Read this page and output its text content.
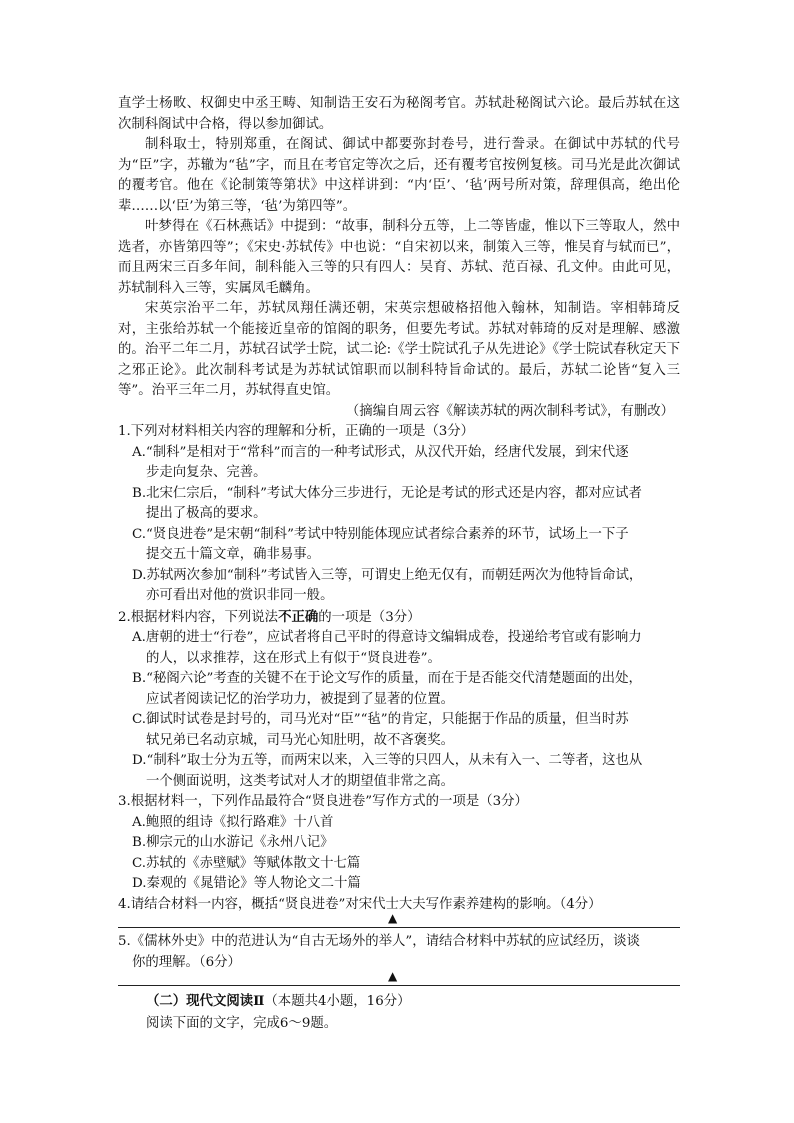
直学士杨畋、权御史中丞王畴、知制诰王安石为秘阁考官。苏轼赴秘阁试六论。最后苏轼在这次制科阁试中合格，得以参加御试。

制科取士，特别郑重，在阁试、御试中都要弥封卷号，进行誊录。在御试中苏轼的代号为“臣”字，苏辙为“毡”字，而且在考官定等次之后，还有覆考官按例复核。司马光是此次御试的覆考官。他在《论制策等第状》中这样讲到：“内‘臣’、‘毡’两号所对策，辞理俱高，绝出伦辈……以‘臣’为第三等，‘毡’为第四等”。

叶梦得在《石林燕话》中提到：“故事，制科分五等，上二等皆虚，惟以下三等取人，然中选者，亦皆第四等”；《宋史·苏轼传》中也说：“自宋初以来，制策入三等，惟吴育与轼而已”，而且两宋三百多年间，制科能入三等的只有四人：吴育、苏轼、范百禄、孔文仲。由此可见，苏轼制科入三等，实属凤毛麟角。

宋英宗治平二年，苏轼凤翔任满还朝，宋英宗想破格招他入翰林，知制诰。宰相韩琦反对，主张给苏轼一个能接近皇帝的馆阁的职务，但要先考试。苏轼对韩琦的反对是理解、感激的。治平二年二月，苏轼召试学士院，试二论:《学士院试孔子从先进论》《学士院试春秋定天下之邪正论》。此次制科考试是为苏轼试馆职而以制科特旨命试的。最后，苏轼二论皆“复入三等”。治平三年二月，苏轼得直史馆。

（摘编自周云容《解读苏轼的两次制科考试》，有删改）

1.下列对材料相关内容的理解和分析，正确的一项是（3分）

A.“制科”是相对于“常科”而言的一种考试形式，从汉代开始，经唐代发展，到宋代逐
步走向复杂、完善。

B.北宋仁宗后，“制科”考试大体分三步进行，无论是考试的形式还是内容，都对应试者
提出了极高的要求。

C.“贤良进卷”是宋朝“制科”考试中特别能体现应试者综合素养的环节，试场上一下子
提交五十篇文章，确非易事。

D.苏轼两次参加“制科”考试皆入三等，可谓史上绝无仅有，而朝廷两次为他特旨命试，
亦可看出对他的赏识非同一般。

2.根据材料内容，下列说法不正确的一项是（3分）

A.唐朝的进士“行卷”，应试者将自己平时的得意诗文编辑成卷，投递给考官或有影响力
的人，以求推荐，这在形式上有似于“贤良进卷”。

B.“秘阁六论”考查的关键不在于论文写作的质量，而在于是否能交代清楚题面的出处，
应试者阅读记忆的治学功力，被提到了显著的位置。

C.御试时试卷是封号的，司马光对“臣”“毡”的肯定，只能据于作品的质量，但当时苏
轼兄弟已名动京城，司马光心知肚明，故不吝褒奖。

D.“制科”取士分为五等，而两宋以来，入三等的只四人，从未有入一、二等者，这也从
一个侧面说明，这类考试对人才的期望值非常之高。

3.根据材料一，下列作品最符合“贤良进卷”写作方式的一项是（3分）

A.鲍照的组诗《拟行路难》十八首

B.柳宗元的山水游记《永州八记》

C.苏轼的《赤壁赋》等赋体散文十七篇

D.秦观的《晁错论》等人物论文二十篇

4.请结合材料一内容，概括“贤良进卷”对宋代士大夫写作素养建构的影响。（4分）

▲

5.《儒林外史》中的范进认为“自古无场外的举人”，请结合材料中苏轼的应试经历，谈谈

你的理解。（6分）

▲

（二）现代文阅读Ⅱ（本题共4小题，16分）

阅读下面的文字，完成6～9题。
